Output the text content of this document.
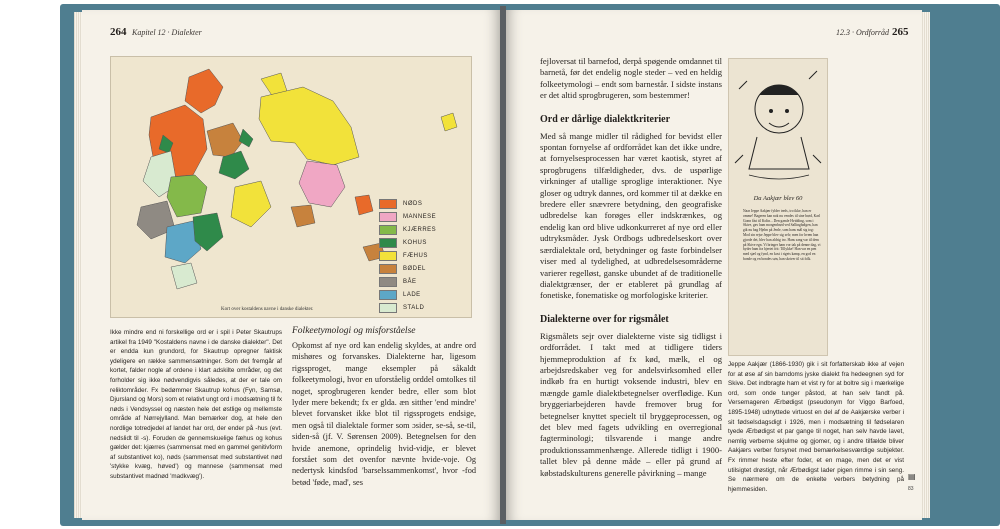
264 Kapitel 12 · Dialekter
NØDS
MANNESE
KJÆRRES
KOHUS
FÆHUS
BØDEL
BÅE
LADE
STALD
Kort over kostaldens navne i danske dialekter.
Ikke mindre end ni forskellige ord er i spil i Peter Skautrups artikel fra 1949 "Kostaldens navne i de danske dialekter". Det er endda kun grundord, for Skautrup opregner faktisk ydeligere en række sammensætninger. Som det fremgår af kortet, falder nogle af ordene i klart adskilte områder, og det forholder sig ikke nødvendigvis således, at der er tale om reliktområder. Fx bedømmer Skautrup kohus (Fyn, Samsø, Djursland og Mors) som et relativt ungt ord i modsætning til fx nøds i Vendsyssel og næsten hele det østlige og mellemste område af Nørrejylland. Man bemærker dog, at hele den nordlige totredjedel af landet har ord, der ender på -hus (evt. nedslidt til -s). Foruden de gennemskuelige fæhus og kohus gælder det: kjærres (sammensat med en gammel genitivform af substantivet ko), nøds (sammensat med substantivet nød 'stykke kvæg, høved') og mannese (sammensat med substantivet madnød 'madkvæg').
Folkeetymologi og misforståelse
Opkomst af nye ord kan endelig skyldes, at andre ord mishøres og forvanskes. Dialekterne har, ligesom rigssproget, mange eksempler på såkaldt folkeetymologi, hvor en uforståelig orddel omtolkes til noget, sprogbrugeren kender bedre, eller som blot lyder mere bekendt; fx er glda. æn sitther 'end mindre' blevet forvansket ikke blot til rigssprogets endsige, men også til dialektale former som ɔsider, se-så, se-til, siden-så (jf. V. Sørensen 2009). Betegnelsen for den hvide anemone, oprindelig hvid-vidje, er blevet forstået som det ovenfor nævnte hvide-voje. Og nedertysk kindsfod 'barselssammenkomst', hvor -fod betød 'føde, mad', ses
12.3 · Ordforråd 265
fejloversat til barnefod, derpå spøgende omdannet til barnetå, før det endelig nogle steder – ved en heldig folkeetymologi – endt som barnestår. I sidste instans er det altid sprogbrugeren, som bestemmer!
Ord er dårlige dialektkriterier
Med så mange midler til rådighed for bevidst eller spontan fornyelse af ordforrådet kan det ikke undre, at fornyelsesprocessen har været kaotisk, styret af sprogbrugens tilfældigheder, dvs. de uspørlige virkninger af utallige sproglige interaktioner. Nye gloser og udtryk dannes, ord kommer til at dække en bredere eller snævrere betydning, den geografiske udbredelse kan forøges eller indskrænkes, og endelig kan ord blive udkonkurreret af nye ord eller udtryksmåder. Jysk Ordbogs udbredelseskort over særdialektale ord, betydninger og faste forbindelser viser med al tydelighed, at udbredelsesområderne varierer regelløst, ganske ubundet af de traditionelle dialektgrænser, der er etableret på grundlag af fonetiske, fonematiske og morfologiske kriterier.
Dialekterne over for rigsmålet
Rigsmålets sejr over dialekterne viste sig tidligst i ordforrådet. I takt med at tidligere tiders hjemmeproduktion af fx kød, mælk, el og arbejdsredskaber veg for andelsvirksomhed eller indkøb fra en hurtigt voksende industri, blev en mængde gamle dialektbetegnelser overflødige. Kun bryggeriarbejderen havde fremover brug for betegnelser knyttet specielt til bryggeprocessen, og det blev med fagets udvikling en overregional fagterminologi; tilsvarende i mange andre produktionssammenhænge. Allerede tidligt i 1900-tallet blev på denne måde – eller på grund af købstadskulturens generelle påvirkning – mange
Da Aakjær blev 60
Naar Jeppe Aakjær fylder treds, tro ikke, han er omme! Bageren kan nok nu vendes til sine brød, Karl Gonn fåst til Kolin... Den gamle Hvidding, som i Skive, gav ham morgenbrød ved Sallingbølgen, han gik nu bag Hjelm på Jenle, som hans mål sig tog: Mod sin rejse Jeppe blev sig selv, men for hvem han gjorde det, blev han aldrig tro. Hans sang var til dem på Skive egn. Vi bringer ham vor tak på denne dag, vi byder ham fra hjertet frit: Tillykke! Han var en pen med sjæl og fynd, en kost i rigets kamp, en god en bonde og en bondes søn, han skriver til sit folk.
Jeppe Aakjær (1866-1930) gik i sit forfatterskab ikke af vejen for at øse af sin barndoms jyske dialekt fra hedeegnen syd for Skive. Det indbragte ham et vist ry for at boltre sig i mærkelige ord, som onde tunger påstod, at han selv fandt på. Versemageren Ærbødigst (pseudonym for Viggo Barfoed, 1895-1948) udnyttede virtuost en del af de Aakjærske verber i sit fødselsdagsdigt i 1926, men i modsætning til fødselaren tyede Ærbødigst et par gange til noget, han selv havde lavet, nemlig verberne skjulme og gjomer, og i andre tilfælde bliver Aakjærs verber forsynet med bemærkelsesværdige subjekter. Fx rimmer heste efter foder, et en mage, men det er vist utilsigtet drøstigt, når Ærbødigst lader pigen rimme i sin seng. Se nærmere om de enkelte verbers betydning på hjemmesiden.
▤
83
